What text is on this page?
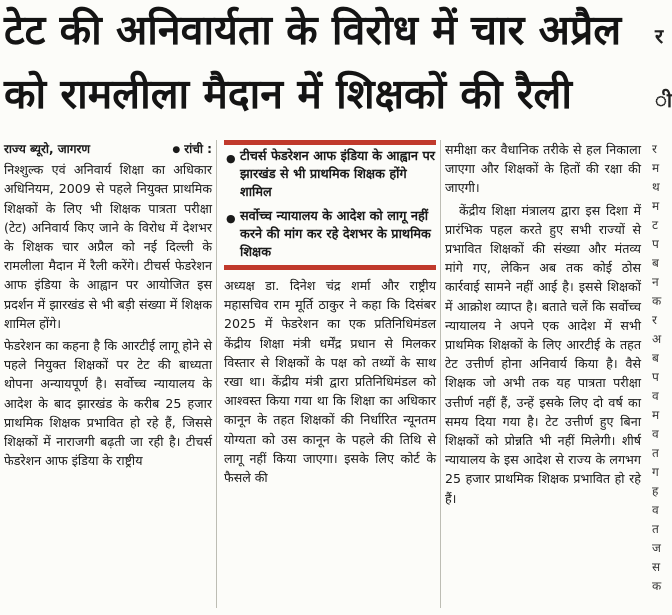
टेट की अनिवार्यता के विरोध में चार अप्रैल
को रामलीला मैदान में शिक्षकों की रैली
र
ी
राज्य ब्यूरो, जागरण
●	रांची :

निश्शुल्क एवं अनिवार्य शिक्षा का अधिकार अधिनियम, 2009 से पहले नियुक्त प्राथमिक शिक्षकों के लिए भी शिक्षक पात्रता परीक्षा (टेट) अनिवार्य किए जाने के विरोध में देशभर के शिक्षक चार अप्रैल को नई दिल्ली के रामलीला मैदान में रैली करेंगे। टीचर्स फेडरेशन आफ इंडिया के आह्वान पर आयोजित इस प्रदर्शन में झारखंड से भी बड़ी संख्या में शिक्षक शामिल होंगे।

फेडरेशन का कहना है कि आरटीई लागू होने से पहले नियुक्त शिक्षकों पर टेट की बाध्यता थोपना अन्यायपूर्ण है। सर्वोच्च न्यायालय के आदेश के बाद झारखंड के करीब 25 हजार प्राथमिक शिक्षक प्रभावित हो रहे हैं, जिससे शिक्षकों में नाराजगी बढ़ती जा रही है। टीचर्स फेडरेशन आफ इंडिया के राष्ट्रीय

● टीचर्स फेडरेशन आफ इंडिया के आह्वान पर झारखंड से भी प्राथमिक शिक्षक होंगे शामिल
● सर्वोच्च न्यायालय के आदेश को लागू नहीं करने की मांग कर रहे देशभर के प्राथमिक शिक्षक

अध्यक्ष डा. दिनेश चंद्र शर्मा और राष्ट्रीय महासचिव राम मूर्ति ठाकुर ने कहा कि दिसंबर 2025 में फेडरेशन का एक प्रतिनिधिमंडल केंद्रीय शिक्षा मंत्री धर्मेंद्र प्रधान से मिलकर विस्तार से शिक्षकों के पक्ष को तथ्यों के साथ रखा था। केंद्रीय मंत्री द्वारा प्रतिनिधिमंडल को आश्वस्त किया गया था कि शिक्षा का अधिकार कानून के तहत शिक्षकों की निर्धारित न्यूनतम योग्यता को उस कानून के पहले की तिथि से लागू नहीं किया जाएगा। इसके लिए कोर्ट के फैसले की

समीक्षा कर वैधानिक तरीके से हल निकाला जाएगा और शिक्षकों के हितों की रक्षा की जाएगी।

केंद्रीय शिक्षा मंत्रालय द्वारा इस दिशा में प्रारंभिक पहल करते हुए सभी राज्यों से प्रभावित शिक्षकों की संख्या और मंतव्य मांगे गए, लेकिन अब तक कोई ठोस कार्रवाई सामने नहीं आई है। इससे शिक्षकों में आक्रोश व्याप्त है। बताते चलें कि सर्वोच्च न्यायालय ने अपने एक आदेश में सभी प्राथमिक शिक्षकों के लिए आरटीई के तहत टेट उत्तीर्ण होना अनिवार्य किया है। वैसे शिक्षक जो अभी तक यह पात्रता परीक्षा उत्तीर्ण नहीं हैं, उन्हें इसके लिए दो वर्ष का समय दिया गया है। टेट उत्तीर्ण हुए बिना शिक्षकों को प्रोन्नति भी नहीं मिलेगी। शीर्ष न्यायालय के इस आदेश से राज्य के लगभग 25 हजार प्राथमिक शिक्षक प्रभावित हो रहे हैं।

र
म
थ
म
ट
प
ब
न
क
र
अ
ब
प
व
म
व
त
ग
ह
व
त
ज
स
क
